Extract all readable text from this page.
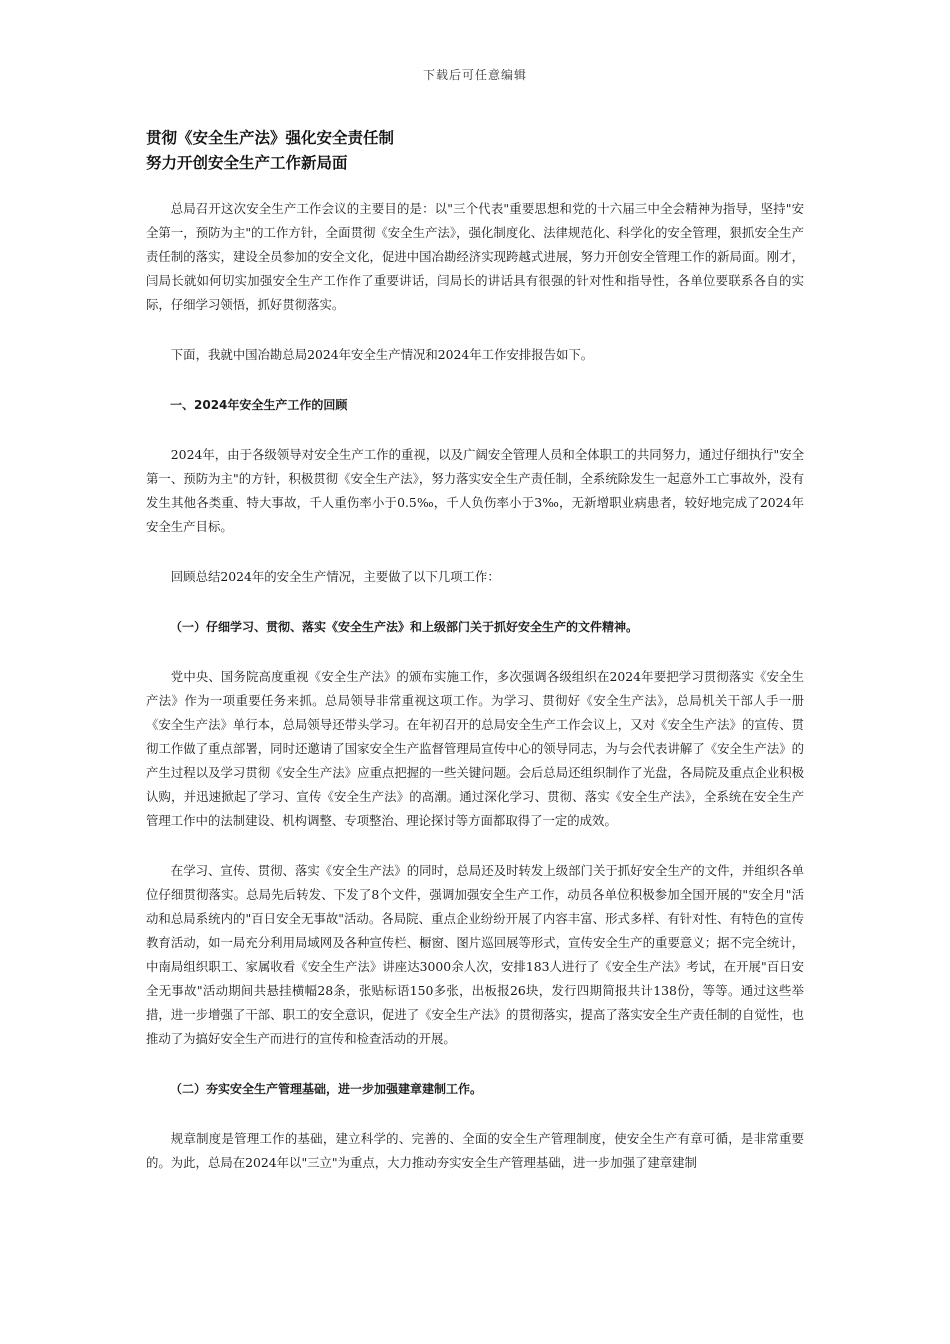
下载后可任意编辑
贯彻《安全生产法》强化安全责任制
努力开创安全生产工作新局面

总局召开这次安全生产工作会议的主要目的是：以"三个代表"重要思想和党的十六届三中全会精神为指导，坚持"安全第一，预防为主"的工作方针，全面贯彻《安全生产法》，强化制度化、法律规范化、科学化的安全管理，狠抓安全生产责任制的落实，建设全员参加的安全文化，促进中国冶勘经济实现跨越式进展，努力开创安全管理工作的新局面。刚才，闫局长就如何切实加强安全生产工作作了重要讲话，闫局长的讲话具有很强的针对性和指导性，各单位要联系各自的实际，仔细学习领悟，抓好贯彻落实。

下面，我就中国冶勘总局2024年安全生产情况和2024年工作安排报告如下。

一、2024年安全生产工作的回顾

2024年，由于各级领导对安全生产工作的重视，以及广阔安全管理人员和全体职工的共同努力，通过仔细执行"安全第一、预防为主"的方针，积极贯彻《安全生产法》，努力落实安全生产责任制，全系统除发生一起意外工亡事故外，没有发生其他各类重、特大事故，千人重伤率小于0.5‰，千人负伤率小于3‰，无新增职业病患者，较好地完成了2024年安全生产目标。

回顾总结2024年的安全生产情况，主要做了以下几项工作：

（一）仔细学习、贯彻、落实《安全生产法》和上级部门关于抓好安全生产的文件精神。

党中央、国务院高度重视《安全生产法》的颁布实施工作，多次强调各级组织在2024年要把学习贯彻落实《安全生产法》作为一项重要任务来抓。总局领导非常重视这项工作。为学习、贯彻好《安全生产法》，总局机关干部人手一册《安全生产法》单行本，总局领导还带头学习。在年初召开的总局安全生产工作会议上，又对《安全生产法》的宣传、贯彻工作做了重点部署，同时还邀请了国家安全生产监督管理局宣传中心的领导同志，为与会代表讲解了《安全生产法》的产生过程以及学习贯彻《安全生产法》应重点把握的一些关键问题。会后总局还组织制作了光盘，各局院及重点企业积极认购，并迅速掀起了学习、宣传《安全生产法》的高潮。通过深化学习、贯彻、落实《安全生产法》，全系统在安全生产管理工作中的法制建设、机构调整、专项整治、理论探讨等方面都取得了一定的成效。

在学习、宣传、贯彻、落实《安全生产法》的同时，总局还及时转发上级部门关于抓好安全生产的文件，并组织各单位仔细贯彻落实。总局先后转发、下发了8个文件，强调加强安全生产工作，动员各单位积极参加全国开展的"安全月"活动和总局系统内的"百日安全无事故"活动。各局院、重点企业纷纷开展了内容丰富、形式多样、有针对性、有特色的宣传教育活动，如一局充分利用局域网及各种宣传栏、橱窗、图片巡回展等形式，宣传安全生产的重要意义；据不完全统计，中南局组织职工、家属收看《安全生产法》讲座达3000余人次，安排183人进行了《安全生产法》考试，在开展"百日安全无事故"活动期间共悬挂横幅28条，张贴标语150多张，出板报26块，发行四期简报共计138份，等等。通过这些举措，进一步增强了干部、职工的安全意识，促进了《安全生产法》的贯彻落实，提高了落实安全生产责任制的自觉性，也推动了为搞好安全生产而进行的宣传和检查活动的开展。

（二）夯实安全生产管理基础，进一步加强建章建制工作。

规章制度是管理工作的基础，建立科学的、完善的、全面的安全生产管理制度，使安全生产有章可循，是非常重要的。为此，总局在2024年以"三立"为重点，大力推动夯实安全生产管理基础，进一步加强了建章建制
